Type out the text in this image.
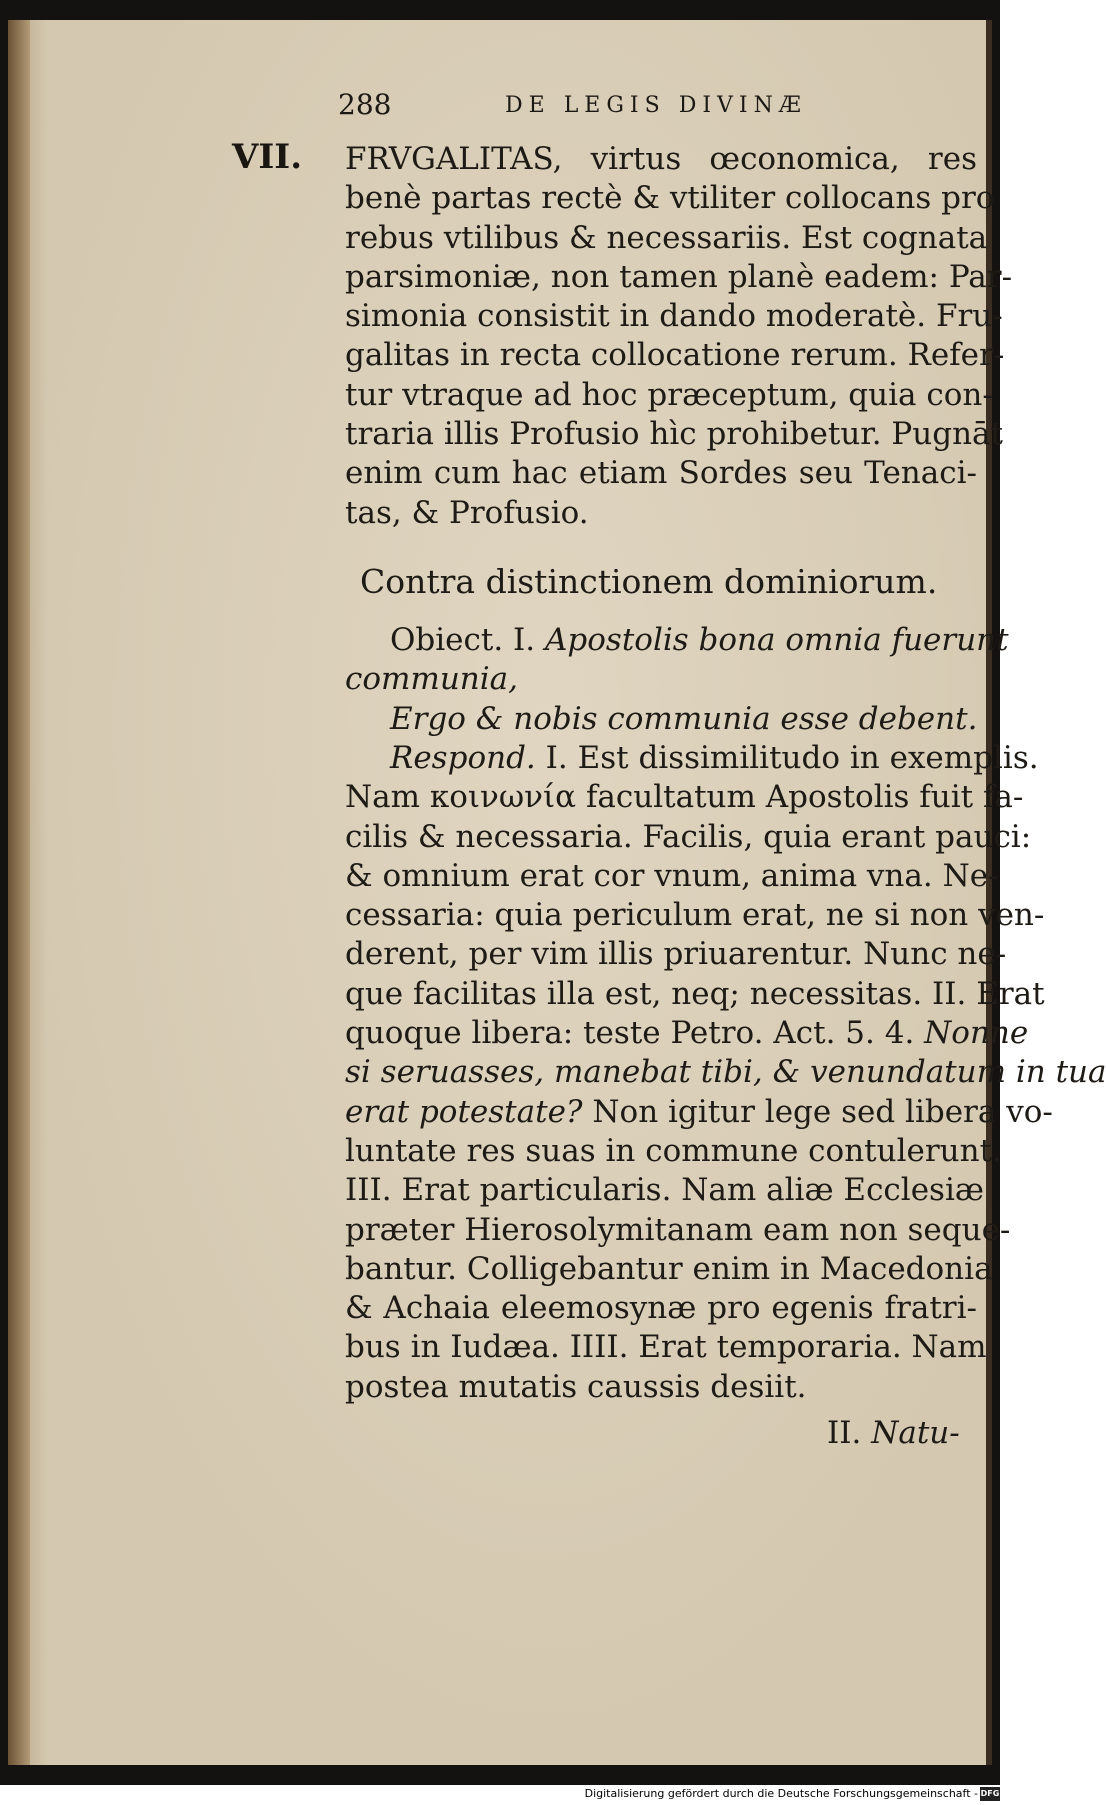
288	DE LEGIS DIVINÆ
VII. FRVGALITAS, virtus œconomica, res
benè partas rectè & vtiliter collocans pro
rebus vtilibus & necessariis. Est cognata
parsimoniæ, non tamen planè eadem: Par-
simonia consistit in dando moderatè. Fru-
galitas in recta collocatione rerum. Refer-
tur vtraque ad hoc præceptum, quia con-
traria illis Profusio hìc prohibetur. Pugnāt
enim cum hac etiam Sordes seu Tenaci-
tas, & Profusio.
Contra distinctionem dominiorum.
Obiect. I. Apostolis bona omnia fuerunt
communia,
Ergo & nobis communia esse debent.
Respond. I. Est dissimilitudo in exemplis.
Nam κοινωνία facultatum Apostolis fuit fa-
cilis & necessaria. Facilis, quia erant pauci:
& omnium erat cor vnum, anima vna. Ne-
cessaria: quia periculum erat, ne si non ven-
derent, per vim illis priuarentur. Nunc ne-
que facilitas illa est, neq; necessitas. II. Erat
quoque libera: teste Petro. Act. 5. 4. Nonne
si seruasses, manebat tibi, & venundatum in tua
erat potestate? Non igitur lege sed libera vo-
luntate res suas in commune contulerunt.
III. Erat particularis. Nam aliæ Ecclesiæ
præter Hierosolymitanam eam non seque-
bantur. Colligebantur enim in Macedonia
& Achaia eleemosynæ pro egenis fratri-
bus in Iudæa. IIII. Erat temporaria. Nam
postea mutatis caussis desiit.
II. Natu-
Digitalisierung gefördert durch die Deutsche Forschungsgemeinschaft - DFG
